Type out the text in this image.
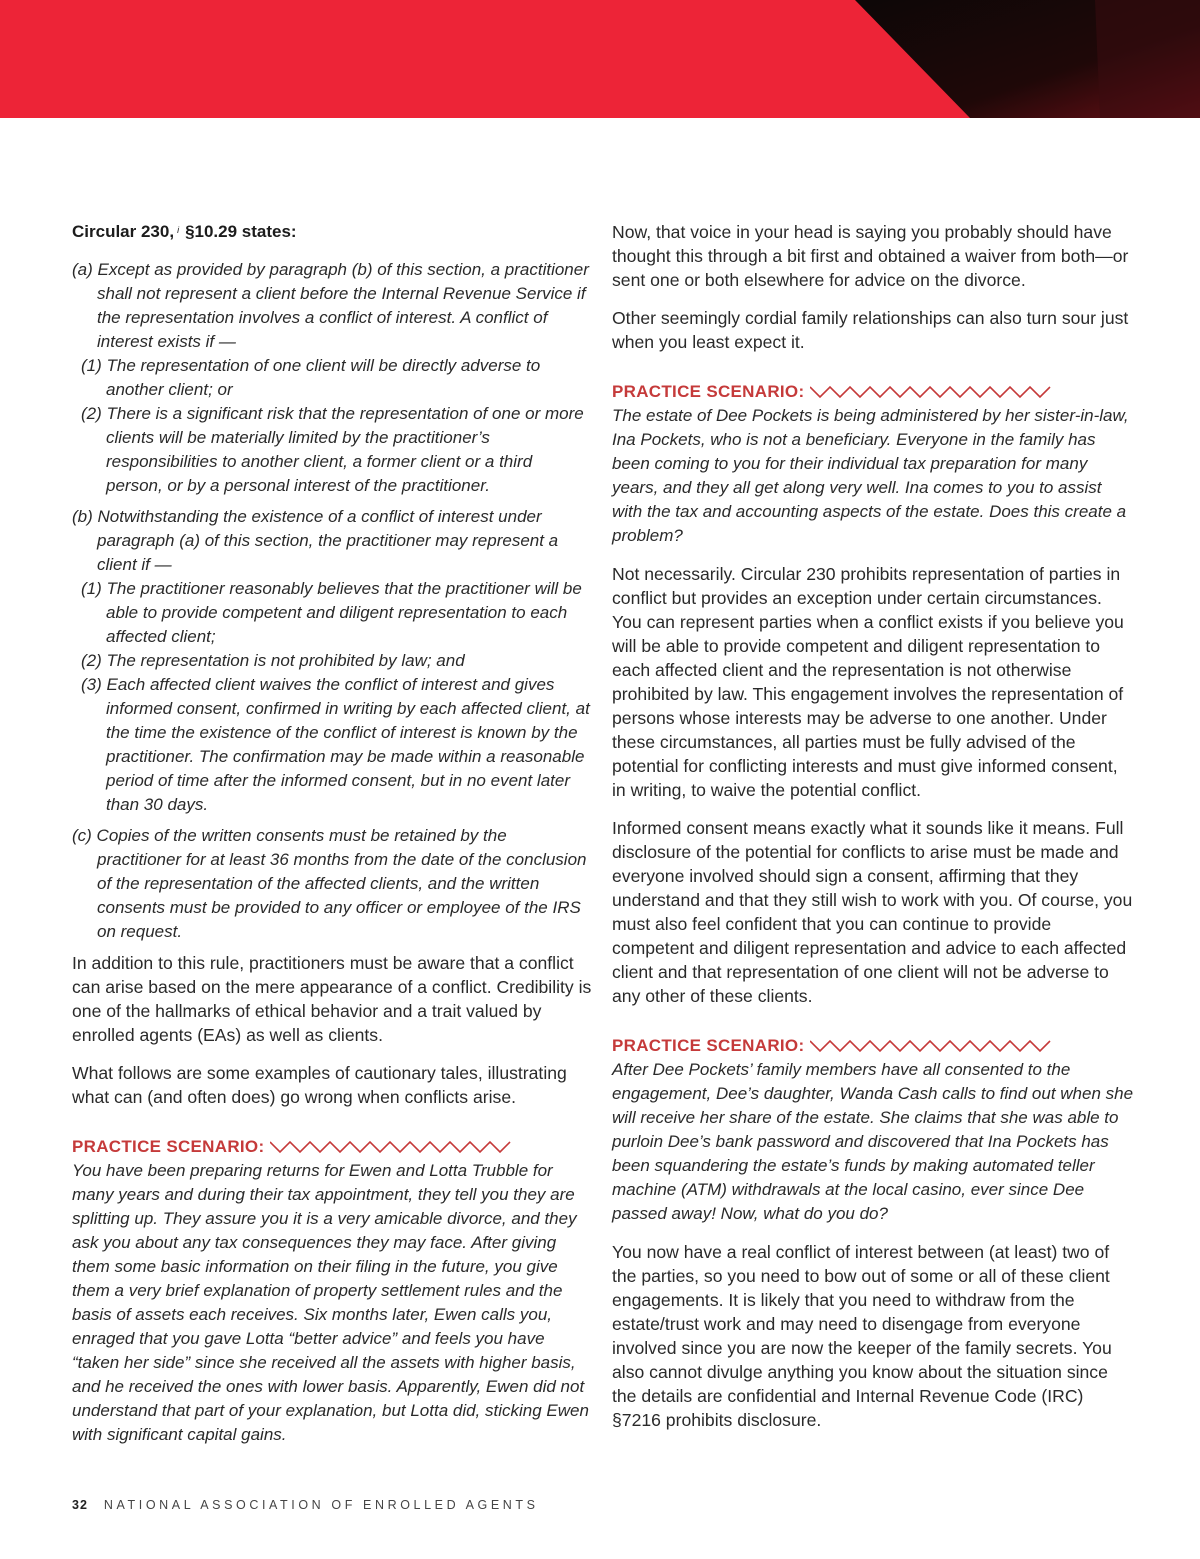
Circular 230, $^i$ §10.29 states:

(a) Except as provided by paragraph (b) of this section, a practitioner shall not represent a client before the Internal Revenue Service if the representation involves a conflict of interest. A conflict of interest exists if —

(1) The representation of one client will be directly adverse to another client; or

(2) There is a significant risk that the representation of one or more clients will be materially limited by the practitioner’s responsibilities to another client, a former client or a third person, or by a personal interest of the practitioner.

(b) Notwithstanding the existence of a conflict of interest under paragraph (a) of this section, the practitioner may represent a client if —

(1) The practitioner reasonably believes that the practitioner will be able to provide competent and diligent representation to each affected client;

(2) The representation is not prohibited by law; and

(3) Each affected client waives the conflict of interest and gives informed consent, confirmed in writing by each affected client, at the time the existence of the conflict of interest is known by the practitioner. The confirmation may be made within a reasonable period of time after the informed consent, but in no event later than 30 days.

(c) Copies of the written consents must be retained by the practitioner for at least 36 months from the date of the conclusion of the representation of the affected clients, and the written consents must be provided to any officer or employee of the IRS on request.

In addition to this rule, practitioners must be aware that a conflict can arise based on the mere appearance of a conflict. Credibility is one of the hallmarks of ethical behavior and a trait valued by enrolled agents (EAs) as well as clients.

What follows are some examples of cautionary tales, illustrating what can (and often does) go wrong when conflicts arise.

PRACTICE SCENARIO:

You have been preparing returns for Ewen and Lotta Trubble for many years and during their tax appointment, they tell you they are splitting up. They assure you it is a very amicable divorce, and they ask you about any tax consequences they may face. After giving them some basic information on their filing in the future, you give them a very brief explanation of property settlement rules and the basis of assets each receives. Six months later, Ewen calls you, enraged that you gave Lotta “better advice” and feels you have “taken her side” since she received all the assets with higher basis, and he received the ones with lower basis. Apparently, Ewen did not understand that part of your explanation, but Lotta did, sticking Ewen with significant capital gains.

Now, that voice in your head is saying you probably should have thought this through a bit first and obtained a waiver from both—or sent one or both elsewhere for advice on the divorce.

Other seemingly cordial family relationships can also turn sour just when you least expect it.

PRACTICE SCENARIO:

The estate of Dee Pockets is being administered by her sister-in-law, Ina Pockets, who is not a beneficiary. Everyone in the family has been coming to you for their individual tax preparation for many years, and they all get along very well. Ina comes to you to assist with the tax and accounting aspects of the estate. Does this create a problem?

Not necessarily. Circular 230 prohibits representation of parties in conflict but provides an exception under certain circumstances. You can represent parties when a conflict exists if you believe you will be able to provide competent and diligent representation to each affected client and the representation is not otherwise prohibited by law. This engagement involves the representation of persons whose interests may be adverse to one another. Under these circumstances, all parties must be fully advised of the potential for conflicting interests and must give informed consent, in writing, to waive the potential conflict.

Informed consent means exactly what it sounds like it means. Full disclosure of the potential for conflicts to arise must be made and everyone involved should sign a consent, affirming that they understand and that they still wish to work with you. Of course, you must also feel confident that you can continue to provide competent and diligent representation and advice to each affected client and that representation of one client will not be adverse to any other of these clients.

PRACTICE SCENARIO:

After Dee Pockets’ family members have all consented to the engagement, Dee’s daughter, Wanda Cash calls to find out when she will receive her share of the estate. She claims that she was able to purloin Dee’s bank password and discovered that Ina Pockets has been squandering the estate’s funds by making automated teller machine (ATM) withdrawals at the local casino, ever since Dee passed away! Now, what do you do?

You now have a real conflict of interest between (at least) two of the parties, so you need to bow out of some or all of these client engagements. It is likely that you need to withdraw from the estate/trust work and may need to disengage from everyone involved since you are now the keeper of the family secrets. You also cannot divulge anything you know about the situation since the details are confidential and Internal Revenue Code (IRC) §7216 prohibits disclosure.

32 NATIONAL ASSOCIATION OF ENROLLED AGENTS
